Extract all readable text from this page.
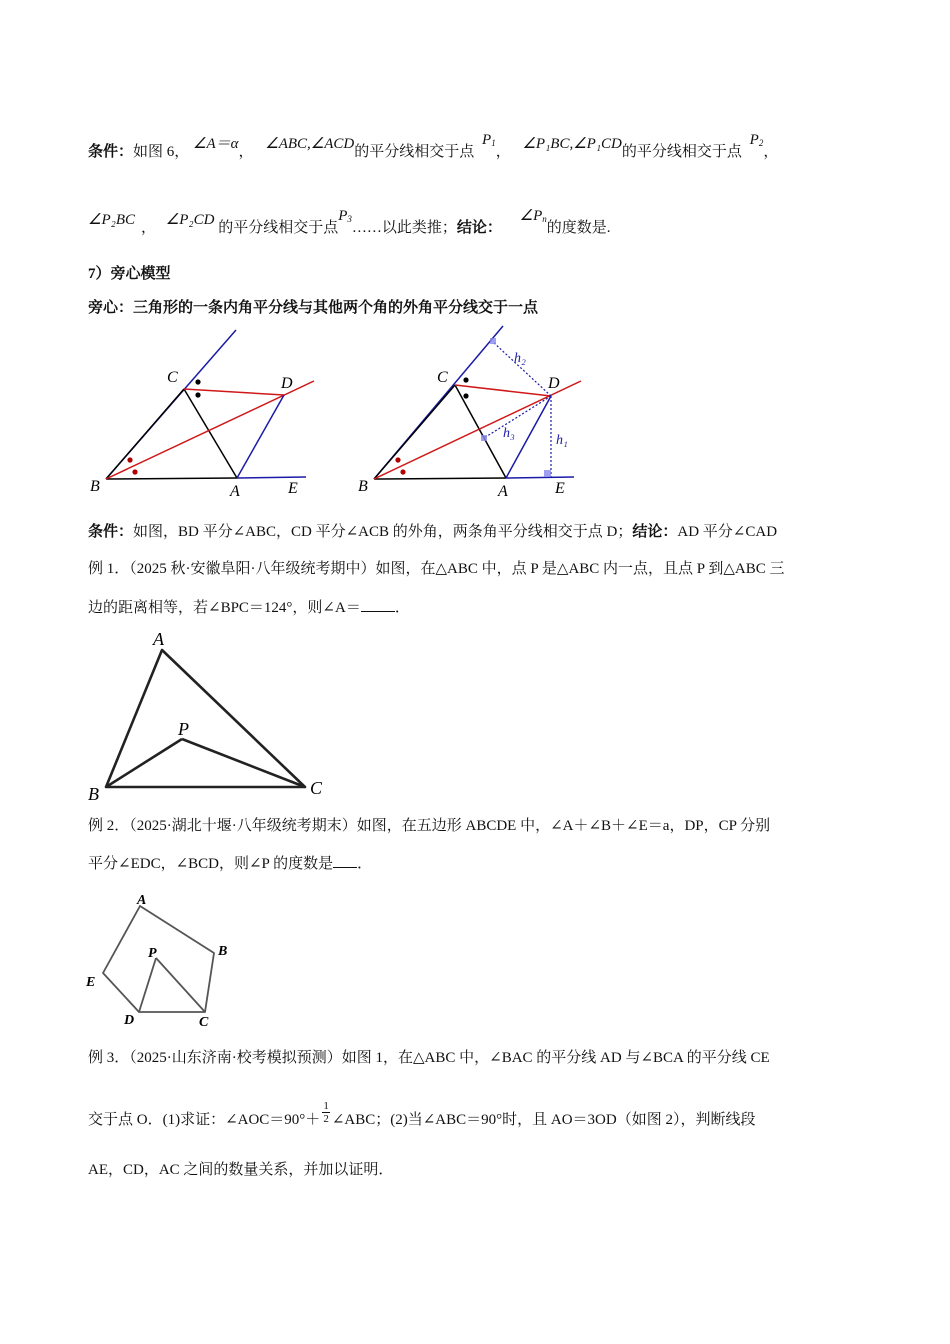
条件：如图 6， ∠A＝α， ∠ABC,∠ACD的平分线相交于点 $P_1$， ∠P₁BC,∠P₁CD的平分线相交于点 $P_2$，
∠P₂BC ， ∠P₂CD 的平分线相交于点$P_3\dots\dots$以此类推；结论： $\angle P_n$的度数是.
7）旁心模型
旁心：三角形的一条内角平分线与其他两个角的外角平分线交于一点
C	D
B	A	E
C	D
B	A	E
h₂
h₃	h₁
条件：如图，BD 平分∠ABC，CD 平分∠ACB 的外角，两条角平分线相交于点 D；结论：AD 平分∠CAD
例 1．（2025 秋·安徽阜阳·八年级统考期中）如图，在△ABC 中，点 P 是△ABC 内一点，且点 P 到△ABC 三
边的距离相等，若∠BPC＝124°，则∠A＝ ．
A
P
B	C
例 2．（2025·湖北十堰·八年级统考期末）如图，在五边形 ABCDE 中，∠A＋∠B＋∠E＝a，DP，CP 分别
平分∠EDC，∠BCD，则∠P 的度数是 ．
A
B
E
P
D	C
例 3．（2025·山东济南·校考模拟预测）如图 1，在△ABC 中，∠BAC 的平分线 AD 与∠BCA 的平分线 CE
交于点 O．(1)求证：∠AOC＝90°＋ $\frac{1}{2}$ ∠ABC；(2)当∠ABC＝90°时，且 AO＝3OD（如图 2），判断线段
AE，CD，AC 之间的数量关系，并加以证明．
